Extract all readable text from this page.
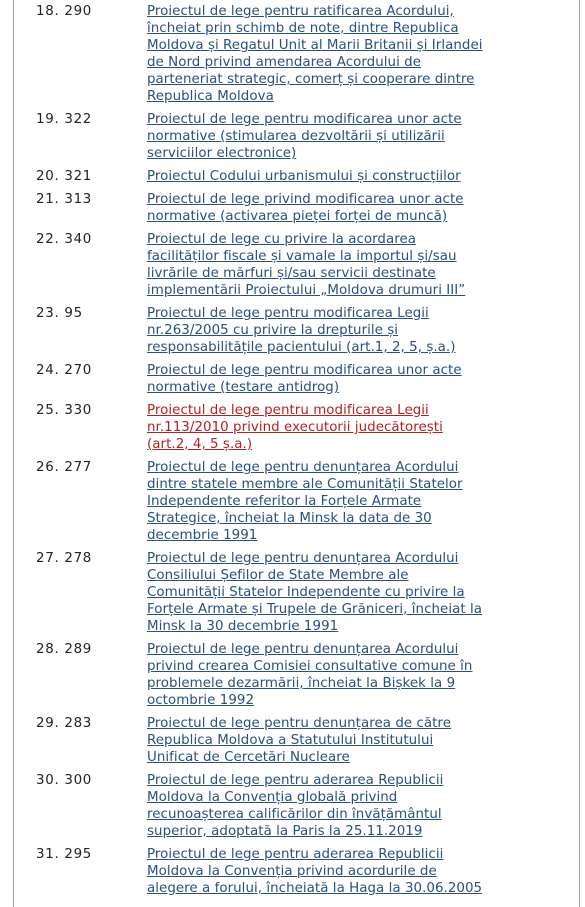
18. 290	Proiectul de lege pentru ratificarea Acordului,
încheiat prin schimb de note, dintre Republica
Moldova și Regatul Unit al Marii Britanii și Irlandei
de Nord privind amendarea Acordului de
parteneriat strategic, comerț și cooperare dintre
Republica Moldova
19. 322	Proiectul de lege pentru modificarea unor acte
normative (stimularea dezvoltării și utilizării
serviciilor electronice)
20. 321	Proiectul Codului urbanismului și construcțiilor
21. 313	Proiectul de lege privind modificarea unor acte
normative (activarea pieței forței de muncă)
22. 340	Proiectul de lege cu privire la acordarea
facilităților fiscale și vamale la importul și/sau
livrările de mărfuri și/sau servicii destinate
implementării Proiectului „Moldova drumuri III”
23. 95	Proiectul de lege pentru modificarea Legii
nr.263/2005 cu privire la drepturile și
responsabilitățile pacientului (art.1, 2, 5, ș.a.)
24. 270	Proiectul de lege pentru modificarea unor acte
normative (testare antidrog)
25. 330	Proiectul de lege pentru modificarea Legii
nr.113/2010 privind executorii judecătorești
(art.2, 4, 5 ș.a.)
26. 277	Proiectul de lege pentru denunțarea Acordului
dintre statele membre ale Comunității Statelor
Independente referitor la Forțele Armate
Strategice, încheiat la Minsk la data de 30
decembrie 1991
27. 278	Proiectul de lege pentru denunțarea Acordului
Consiliului Șefilor de State Membre ale
Comunității Statelor Independente cu privire la
Forțele Armate și Trupele de Grăniceri, încheiat la
Minsk la 30 decembrie 1991
28. 289	Proiectul de lege pentru denunțarea Acordului
privind crearea Comisiei consultative comune în
problemele dezarmării, încheiat la Bișkek la 9
octombrie 1992
29. 283	Proiectul de lege pentru denunțarea de către
Republica Moldova a Statutului Institutului
Unificat de Cercetări Nucleare
30. 300	Proiectul de lege pentru aderarea Republicii
Moldova la Convenția globală privind
recunoașterea calificărilor din învățământul
superior, adoptată la Paris la 25.11.2019
31. 295	Proiectul de lege pentru aderarea Republicii
Moldova la Convenția privind acordurile de
alegere a forului, încheiată la Haga la 30.06.2005
